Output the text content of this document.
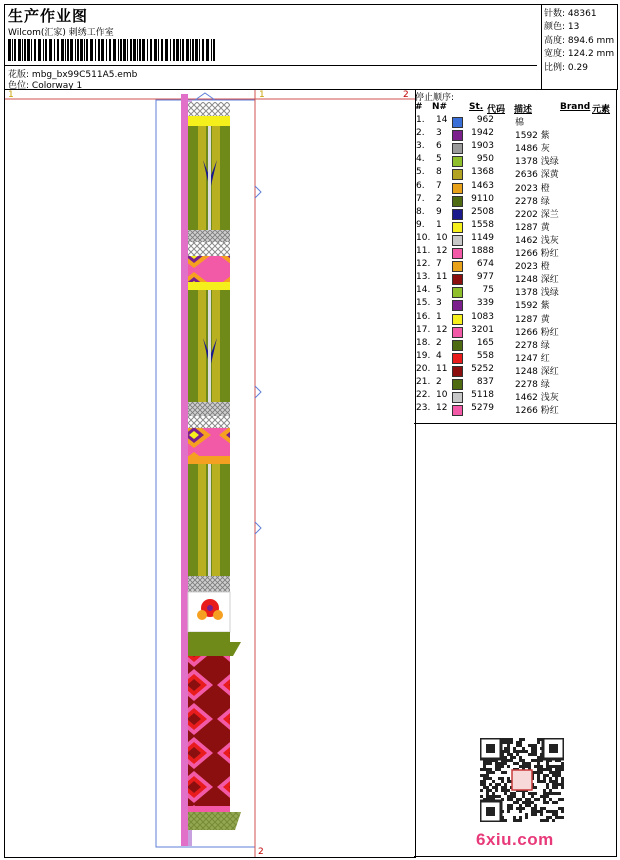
生产作业图
Wilcom(汇家) 刺绣工作室
花版: mbg_bx99C511A5.emb
色位: Colorway 1
针数: 48361
颜色: 13
高度: 894.6 mm
宽度: 124.2 mm
比例: 0.29
1	1	2
2
停止顺序:
# N# St. 代码 描述	Brand 元素
1. 14	962 棉
2. 3	1942 1592 紫
3. 6	1903 1486 灰
4. 5	950 1378 浅绿
5. 8	1368 2636 深黄
6. 7	1463 2023 橙
7. 2	9110 2278 绿
8. 9	2508 2202 深兰
9. 1	1558 1287 黄
10. 10	1149 1462 浅灰
11. 12	1888 1266 粉红
12. 7	674 2023 橙
13. 11	977 1248 深红
14. 5	75 1378 浅绿
15. 3	339 1592 紫
16. 1	1083 1287 黄
17. 12	3201 1266 粉红
18. 2	165 2278 绿
19. 4	558 1247 红
20. 11	5252 1248 深红
21. 2	837 2278 绿
22. 10	5118 1462 浅灰
23. 12	5279 1266 粉红
6xiu.com
